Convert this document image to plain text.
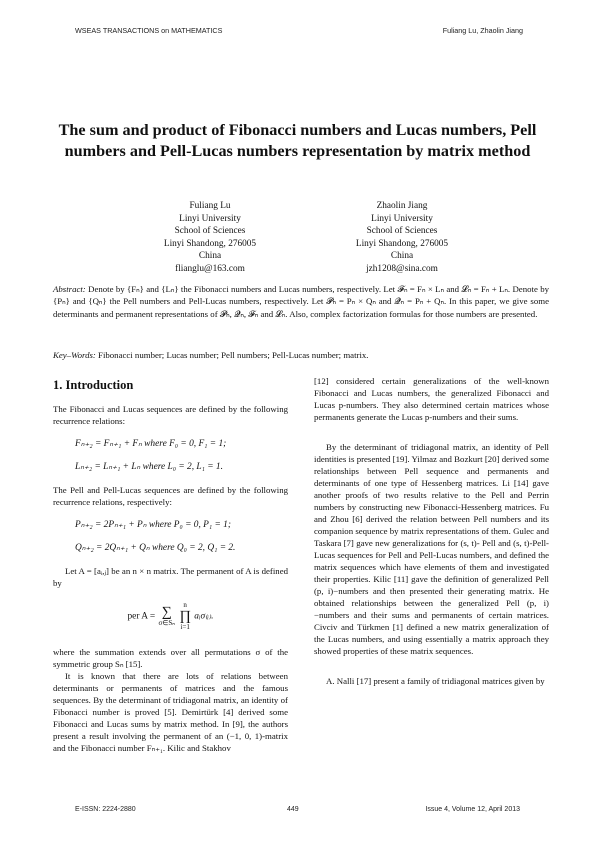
WSEAS TRANSACTIONS on MATHEMATICS	Fuliang Lu, Zhaolin Jiang
The sum and product of Fibonacci numbers and Lucas numbers, Pell numbers and Pell-Lucas numbers representation by matrix method
Fuliang Lu
Linyi University
School of Sciences
Linyi Shandong, 276005
China
flianglu@163.com
Zhaolin Jiang
Linyi University
School of Sciences
Linyi Shandong, 276005
China
jzh1208@sina.com
Abstract: Denote by {Fₙ} and {Lₙ} the Fibonacci numbers and Lucas numbers, respectively. Let 𝓕ₙ = Fₙ × Lₙ and 𝓛ₙ = Fₙ + Lₙ. Denote by {Pₙ} and {Qₙ} the Pell numbers and Pell-Lucas numbers, respectively. Let 𝓟ₙ = Pₙ × Qₙ and 𝓠ₙ = Pₙ + Qₙ. In this paper, we give some determinants and permanent representations of 𝓟ₙ, 𝓠ₙ, 𝓕ₙ and 𝓛ₙ. Also, complex factorization formulas for those numbers are presented.
Key–Words: Fibonacci number; Lucas number; Pell numbers; Pell-Lucas number; matrix.
1. Introduction

The Fibonacci and Lucas sequences are defined by the following recurrence relations:

Fₙ₊₂ = Fₙ₊₁ + Fₙ where F₀ = 0, F₁ = 1;
Lₙ₊₂ = Lₙ₊₁ + Lₙ where L₀ = 2, L₁ = 1.

The Pell and Pell-Lucas sequences are defined by the following recurrence relations, respectively:

Pₙ₊₂ = 2Pₙ₊₁ + Pₙ where P₀ = 0, P₁ = 1;
Qₙ₊₂ = 2Qₙ₊₁ + Qₙ where Q₀ = 2, Q₁ = 2.

Let A = [aᵢ,ⱼ] be an n × n matrix. The permanent of A is defined by

per A = ∑
σ∈Sₙ n
∏
i=1 aᵢσ₍ᵢ₎.

where the summation extends over all permutations σ of the symmetric group Sₙ [15].

It is known that there are lots of relations between determinants or permanents of matrices and the famous sequences. By the determinant of tridiagonal matrix, an identity of Fibonacci number is proved [5]. Demirtürk [4] derived some Fibonacci and Lucas sums by matrix method. In [9], the authors present a result involving the permanent of an (−1, 0, 1)-matrix and the Fibonacci number Fₙ₊₁. Kilic and Stakhov

[12] considered certain generalizations of the well-known Fibonacci and Lucas numbers, the generalized Fibonacci and Lucas p-numbers. They also determined certain matrices whose permanents generate the Lucas p-numbers and their sums.

By the determinant of tridiagonal matrix, an identity of Pell identities is presented [19]. Yilmaz and Bozkurt [20] derived some relationships between Pell sequence and permanents and determinants of one type of Hessenberg matrices. Li [14] gave another proofs of two results relative to the Pell and Perrin numbers by constructing new Fibonacci-Hessenberg matrices. Fu and Zhou [6] derived the relation between Pell numbers and its companion sequence by matrix representations of them. Gulec and Taskara [7] gave new generalizations for (s, t)- Pell and (s, t)-Pell-Lucas sequences for Pell and Pell-Lucas numbers, and defined the matrix sequences which have elements of them and investigated their properties. Kilic [11] gave the definition of generalized Pell (p, i)−numbers and then presented their generating matrix. He obtained relationships between the generalized Pell (p, i)−numbers and their sums and permanents of certain matrices. Civciv and Türkmen [1] defined a new matrix generalization of the Lucas numbers, and using essentially a matrix approach they showed properties of these matrix sequences.

A. Nalli [17] present a family of tridiagonal matrices given by

E-ISSN: 2224-2880	449	Issue 4, Volume 12, April 2013
